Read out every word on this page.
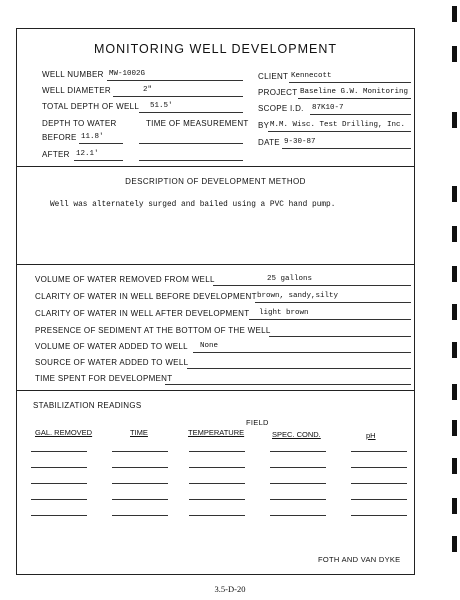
MONITORING WELL DEVELOPMENT
WELL NUMBER MW-1002G
WELL DIAMETER	2"
TOTAL DEPTH OF WELL 51.5'
DEPTH TO WATER	TIME OF MEASUREMENT
BEFORE 11.8'
AFTER 12.1'
CLIENT Kennecott
PROJECT Baseline G.W. Monitoring
SCOPE I.D. 87K10-7
BY M.M. Wisc. Test Drilling, Inc.
DATE 9-30-87
DESCRIPTION OF DEVELOPMENT METHOD
Well was alternately surged and bailed using a PVC hand pump.
VOLUME OF WATER REMOVED FROM WELL	25 gallons
CLARITY OF WATER IN WELL BEFORE DEVELOPMENT brown, sandy,silty
CLARITY OF WATER IN WELL AFTER DEVELOPMENT light brown
PRESENCE OF SEDIMENT AT THE BOTTOM OF THE WELL
VOLUME OF WATER ADDED TO WELL None
SOURCE OF WATER ADDED TO WELL
TIME SPENT FOR DEVELOPMENT
STABILIZATION READINGS
FIELD
GAL. REMOVED	TIME	TEMPERATURE	SPEC. COND.	pH
FOTH AND VAN DYKE
3.5-D-20
